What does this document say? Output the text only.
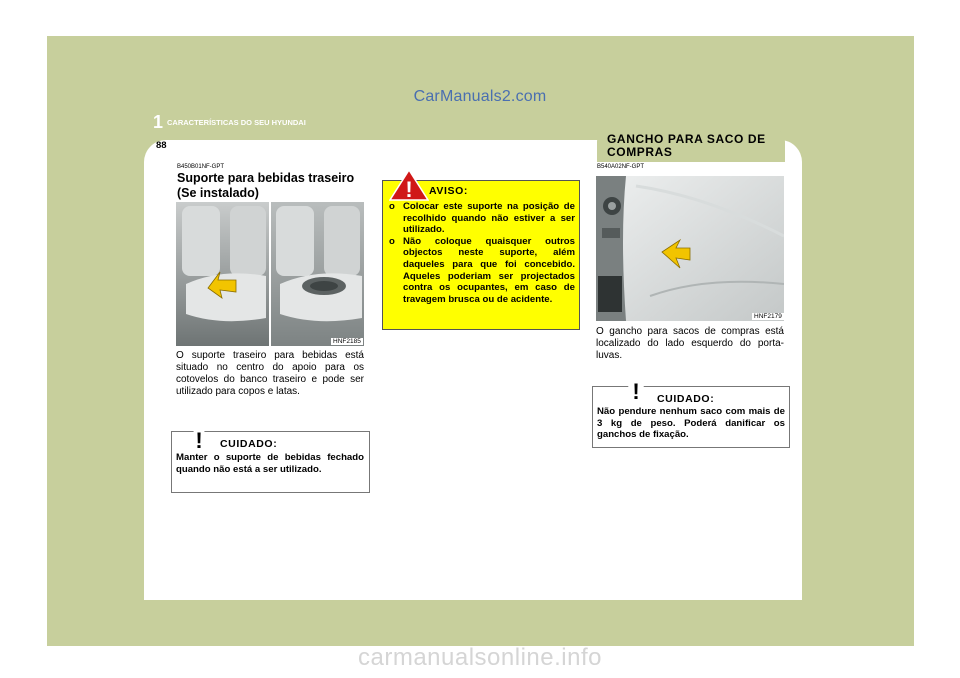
CarManuals2.com
1 CARACTERÍSTICAS DO SEU HYUNDAI
88
B450B01NF-GPT
Suporte para bebidas traseiro (Se instalado)
HNF2185
O suporte traseiro para bebidas está situado no centro do apoio para os cotovelos do banco traseiro e pode ser utilizado para copos e latas.
! CUIDADO:
Manter o suporte de bebidas fechado quando não está a ser utilizado.
! AVISO:
o Colocar este suporte na posição de recolhido quando não estiver a ser utilizado.
o Não coloque quaisquer outros objectos neste suporte, além daqueles para que foi concebido. Aqueles poderiam ser projectados contra os ocupantes, em caso de travagem brusca ou de acidente.
GANCHO PARA SACO DE COMPRAS
B540A02NF-GPT
HNF2179
O gancho para sacos de compras está localizado do lado esquerdo do porta-luvas.
! CUIDADO:
Não pendure nenhum saco com mais de 3 kg de peso. Poderá danificar os ganchos de fixação.
carmanualsonline.info
